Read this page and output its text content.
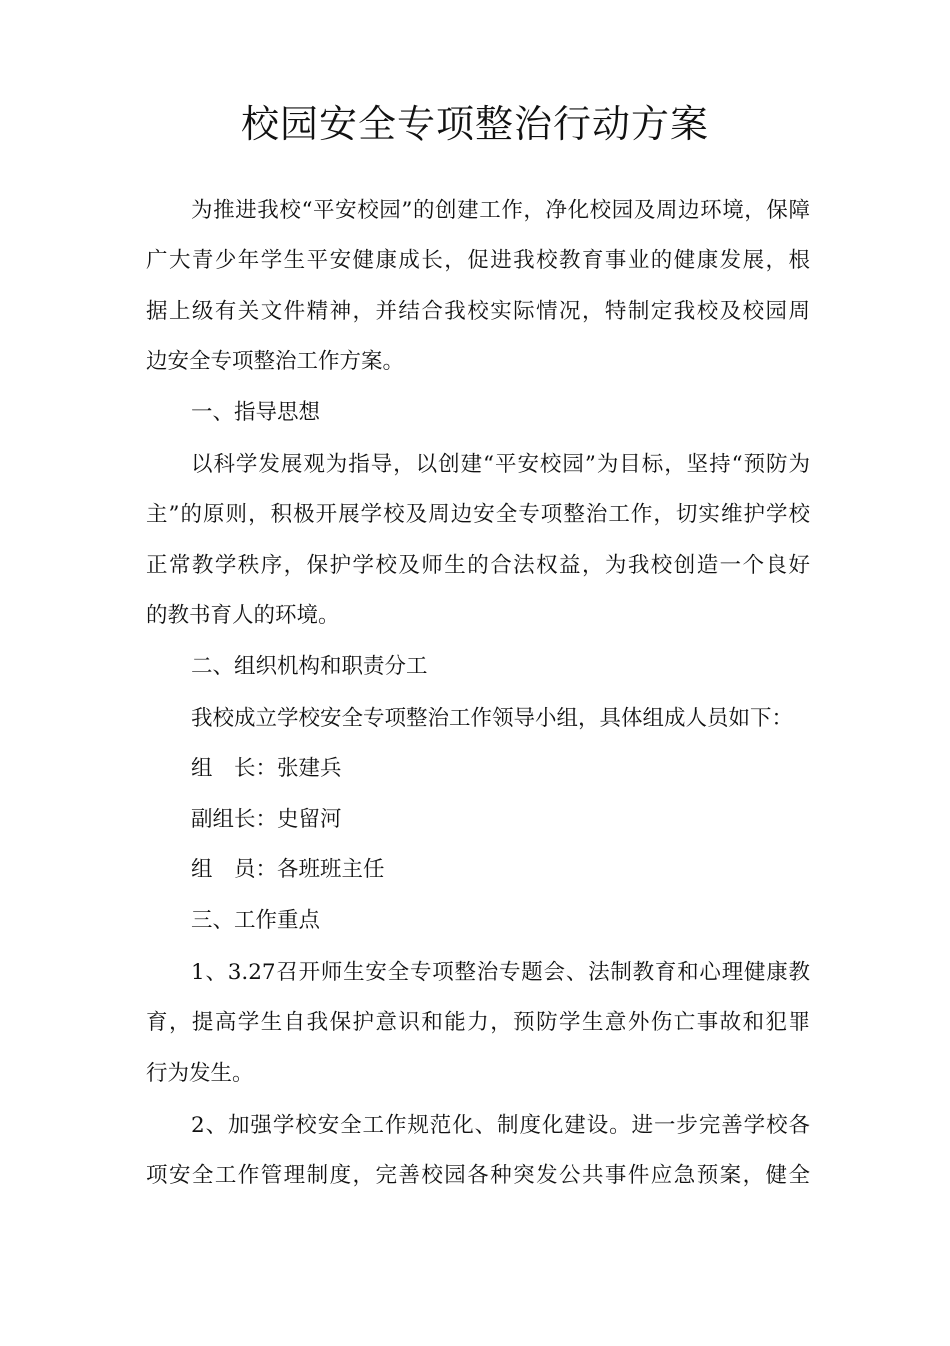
校园安全专项整治行动方案
为推进我校“平安校园”的创建工作，净化校园及周边环境，保障
广大青少年学生平安健康成长，促进我校教育事业的健康发展，根
据上级有关文件精神，并结合我校实际情况，特制定我校及校园周
边安全专项整治工作方案。
一、指导思想
以科学发展观为指导，以创建“平安校园”为目标，坚持“预防为
主”的原则，积极开展学校及周边安全专项整治工作，切实维护学校
正常教学秩序，保护学校及师生的合法权益，为我校创造一个良好
的教书育人的环境。
二、组织机构和职责分工
我校成立学校安全专项整治工作领导小组，具体组成人员如下：
组　长：张建兵
副组长：史留河
组　员：各班班主任
三、工作重点
1、3.27召开师生安全专项整治专题会、法制教育和心理健康教
育，提高学生自我保护意识和能力，预防学生意外伤亡事故和犯罪
行为发生。
2、加强学校安全工作规范化、制度化建设。进一步完善学校各
项安全工作管理制度，完善校园各种突发公共事件应急预案，健全
